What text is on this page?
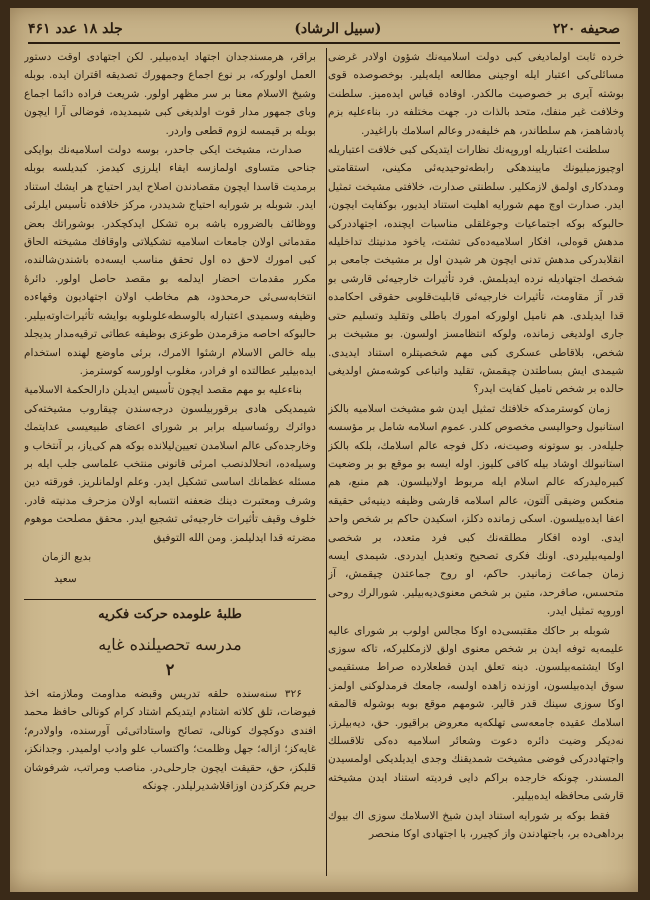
صحيفه ۲۲۰
(سبیل الرشاد)
جلد ۱۸ عدد ۴۶۱

خرده ثابت اولمادیغی کبی دولت اسلامیه‌نك شؤون اولادر غرضی مسائلی‌کی اعتبار ایله اوجینی مطالعه ایله‌یلیر. بوخصوصده قوی بوشته آیری بر خصوصیت مالکدر. اوفاده قیاس ایده‌میز. سلطنت وخلافت غیر منفك، متحد بالذات در. جهت مختلفه در. بناءعلیه بزم پادشاهمز، هم سلطاندر، هم خلیفه‌در وعالم اسلامك باراغیدر.

سلطنت اعتباریله اوروپه‌نك نظارات ایتدیکی کبی خلافت اعتباریله اوچیوزمیلیونك ماییندهکی رابطه‌توحیدیه‌ئی مکینی، استقامتی ومددکاری اولمق لازمکلیر. سلطنتی صدارت، خلافتی مشیخت تمثیل ایدر. صدارت اوچ مهم شورایه اهلیت استناد ایدیور، بوکفایت ایچون، حالبوکه بوکه اجتماعیات وجوغلقلی مناسبات ایچنده، اجتهاددرکی مدهش قوه‌لی، افکار اسلامیه‌ده‌کی تشتت، یاخود مدنیتك تداخلیله انقلابدرکی مدهش تدنی ایچون هر شیدن اول بر مشیخت جامعی بر شخصك اجتهادیله نرده ایدیلمش. فرد تأثیرات خارجیه‌ئی قارشی بو قدر آز مقاومت، تأثیرات خارجیه‌ئی قابلیت‌قلوبی حقوقی احکامده قدا ایدیلدی. هم نامیل اولورکه امورك باطلی وتقلید وتسلیم حتی جاری اولدیغی زمانده، ولوکه انتظامسز اولسون. بو مشیخت بر شخص، بلاقاطی عسکری کبی مهم شخصیتلره استناد ایدیدی. شیمدی ایش بساطتدن چیقمش، تقلید واتباعی کوشه‌مش اولدیغی حالده بر شخص نامیل کفایت ایدر؟

زمان کوسترمدکه خلافتك تمثیل ایدن شو مشیخت اسلامیه بالکز استانبول وحوالیسی مخصوص کلدر. عموم اسلامه شامل بر مؤسسه جلیله‌در. بو سوتونه وصیت‌نه، دکل فوجه عالم اسلامك، بلکه بالکز استانبولك اوشاد بیله کافی کلیوز. اوله ایسه بو موقع بو بر وضعیت کبیره‌لیدرکه عالم اسلام ایله مربوط اولابیلسون. هم منبع، هم منعکس وضیقی آلتون، عالم اسلامه قارشی وظیفه دینیه‌ئی حقیقه اعفا ایده‌بیلسون. اسکی زمانده دکلز، اسکیدن حاکم بر شخص واحد ایدی. اوده افکار مطلقه‌نك کبی فرد متعدد، بر شخصی اولمیه‌بیلیردی. اونك فکری تصحیح وتعدیل ایدردی. شیمدی ایسه زمان جماعت زمانیدر. حاکم، او روح جماعتدن چیقمش، آز متحسس، صافرحد، متین بر شخص معنوی‌دیه‌بیلیر. شورالرك روحی اوروپه تمثیل ایدر.

شوبله بر حاکك مقتبسی‌ده اوکا مجالس اولوب بر شورای عالیه علیمه‌یه توفه ایدن بر شخص معنوی اولق لازمکلیرکه، تاکه سوزی اوکا ایشتمه‌بیلسون. دینه تعلق ایدن قطعلارده صراط مستقیمی سوق ایده‌بیلسون، اوزنده زاهده اولسه، جامعك فرمدلوکنی اولمز. اوکا سوزی سینك قدر قالیر. شومهم موقع بوبه بوشوله قالمقه اسلامك عقیده جامعه‌سی تهلکه‌یه معروض براقیور. حق، دیه‌بیلرز. نه‌دیکر وضیت دائره دعوت وشعائر اسلامیه ده‌کی تلاقسلك واجتهاددرکی فوضی مشیخت شمدیقنك وجدی ایدیلدیکی اولمسیدن المسندر. چونکه خارجده براکم دایی فردیته استناد ایدن مشیخته قارشی محافظه ایده‌بیلیر.

فقط بوکه بر شورایه استناد ایدن شیخ الاسلامك سوزی اك بیوك برداهی‌ده بر، باجتهادندن واز کچیرر، با اجتهادی اوکا منحصر

براقر، هرمسندجدان اجتهاد ایده‌بیلیر. لکن اجتهادی اوقت دستور العمل اولورکه، بر نوع اجماع وجمهورك تصدیقه اقتران ایده. بوبله وشیخ الاسلام معنا بر سر مظهر اولور. شریعت فراده دائما اجماع وبای جمهور مدار قوت اولدیغی کبی شیمدیده، فوضالی آرا ایچون بوبله بر قیمسه لزوم قطعی واردر.

صدارت، مشیخت ایکی جاحدر، بوسه دولت اسلامیه‌نك بوایکی جناحی متساوی اولمازسه ایفاء ایلرزی کیدمز. کبدیلسه بوبله برمدیت قاسدا ایچون مقصادندن اصلاح ایدر احتیاج هر ایشك استناد ایدر. شوبله بر شورایه احتیاج شدیددر، مرکز خلافده تأسیس ایلرئی ووظائف بالضروره باشه بره تشکل ایدکچکدر. بوشوراتك بعض مقدماتی اولان جامعات اسلامیه تشکیلاتی واوقافك مشیخته الحاق کبی امورك لاحق ده اول تحقق مناسب ایسه‌ده باشندن‌شالنده، مکرر مقدمات احضار ایدلمه بو مقصد حاصل اولور. دائرهٔ انتخابه‌سی‌ئی حرمحدود، هم مخاطب اولان اجتهادیون وقهاءده وظیفه وسمیدی اعتبارله بالوسطه‌علوبلوبه بوایشه تأثیرات‌اوته‌بیلیر. حالبوکه احاصه مزقرمدن طوعزی بوظیفه عطاتی ترقیه‌مدار یدیجلد بیله خالص الاسلام ارشئوا الامرك، برئی ماوضع لهنده استخدام ایده‌بیلیر عطالتده او فرادر، مغلوب اولورسه کوسترمز.

بناءعلیه بو مهم مقصد ایچون تأسیس ایدیلن دارالحکمة الاسلامیة شیمدیکی هادی برقوربیلسون درجه‌سندن چیقاروب مشیخته‌کی دوائرك روئساسیله برابر بر شورای اعضای طبیعیسی عدایتمك وخارجده‌کی عالم اسلامدن تعیین‌لیلانده بوکه هم کی‌یاز، بر آنتخاب و وسیله‌ده، انحلالدنصب امرئی قانونی منتخب علماسی جلب ایله بر مسئله عظمانك اساسی تشکیل ایدر. وعلم اولمانلریز. فورقته دین وشرف ومعتبرت دینك ضعفنه انتسابه اولان مزحرف مدنیته قادر. خلوف وقیف تأثیرات خارجیه‌ئی تشجیع ایدر. محقق مصلحت موهوم مضرته قدا ایدلیلمز. ومن الله التوفیق

بديع الزمان

سعيد

طلبهٔ علومده حرکت فکریه

مدرسه تحصیلنده غایه

۲

۳۲۶ سنه‌سنده حلقه تدریس وقبضه مداومت وملازمته اخذ فیوضات، تلق کلاته اشتادم ایتدیکم اشتاد کرام کونالی حافظ محمد افندی دوکچوك کونالی، تصائح واستاداتی‌ئی آورسنده، واولادرم؛ غایه‌کز؛ ازاله؛ جهل وظلمت؛ واکتساب علو وادب اولمیدر. وجدانکز، قلبکز، حق، حقیقت ایچون جارحلی‌در. مناصب ومراتب، شرفوشان حریم فکرکزدن اوزاقلاشدیرلیلدر. چونکه
